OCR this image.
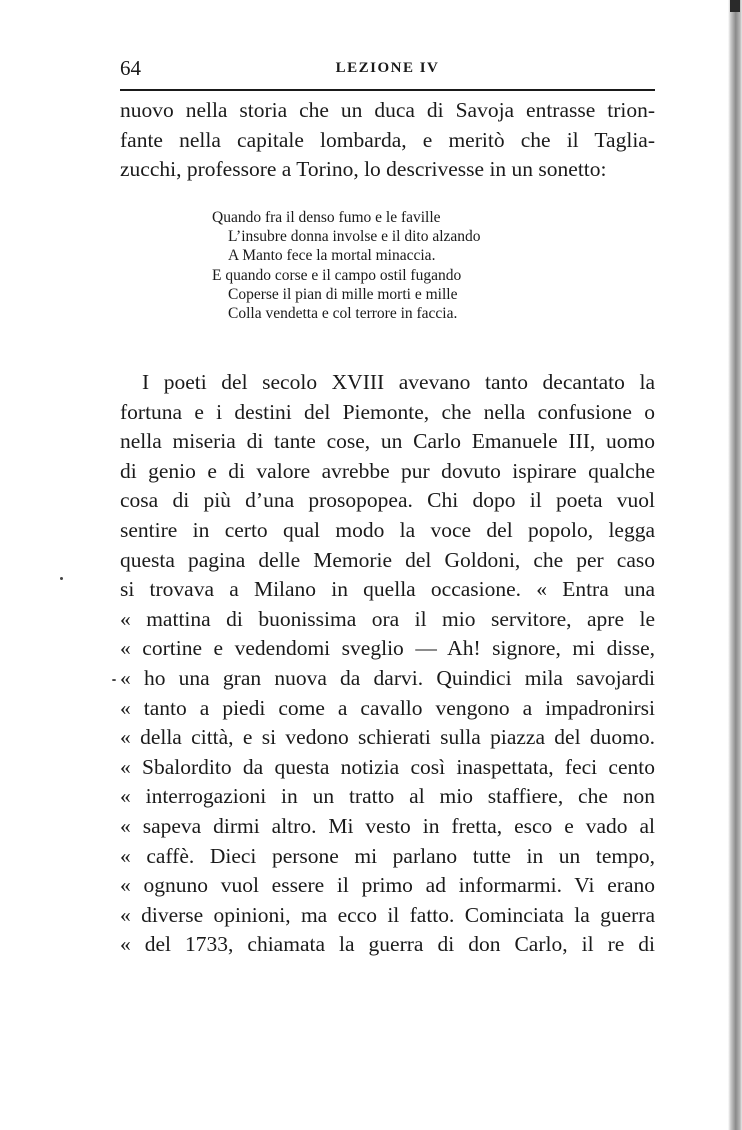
64	LEZIONE IV
nuovo nella storia che un duca di Savoja entrasse trion-
fante nella capitale lombarda, e meritò che il Taglia-
zucchi, professore a Torino, lo descrivesse in un sonetto:
Quando fra il denso fumo e le faville
L’insubre donna involse e il dito alzando
A Manto fece la mortal minaccia.
E quando corse e il campo ostil fugando
Coperse il pian di mille morti e mille
Colla vendetta e col terrore in faccia.
I poeti del secolo XVIII avevano tanto decantato la
fortuna e i destini del Piemonte, che nella confusione o
nella miseria di tante cose, un Carlo Emanuele III, uomo
di genio e di valore avrebbe pur dovuto ispirare qualche
cosa di più d’una prosopopea. Chi dopo il poeta vuol
sentire in certo qual modo la voce del popolo, legga
questa pagina delle Memorie del Goldoni, che per caso
si trovava a Milano in quella occasione. « Entra una
« mattina di buonissima ora il mio servitore, apre le
« cortine e vedendomi sveglio — Ah! signore, mi disse,
« ho una gran nuova da darvi. Quindici mila savojardi
« tanto a piedi come a cavallo vengono a impadronirsi
« della città, e si vedono schierati sulla piazza del duomo.
« Sbalordito da questa notizia così inaspettata, feci cento
« interrogazioni in un tratto al mio staffiere, che non
« sapeva dirmi altro. Mi vesto in fretta, esco e vado al
« caffè. Dieci persone mi parlano tutte in un tempo,
« ognuno vuol essere il primo ad informarmi. Vi erano
« diverse opinioni, ma ecco il fatto. Cominciata la guerra
« del 1733, chiamata la guerra di don Carlo, il re di
